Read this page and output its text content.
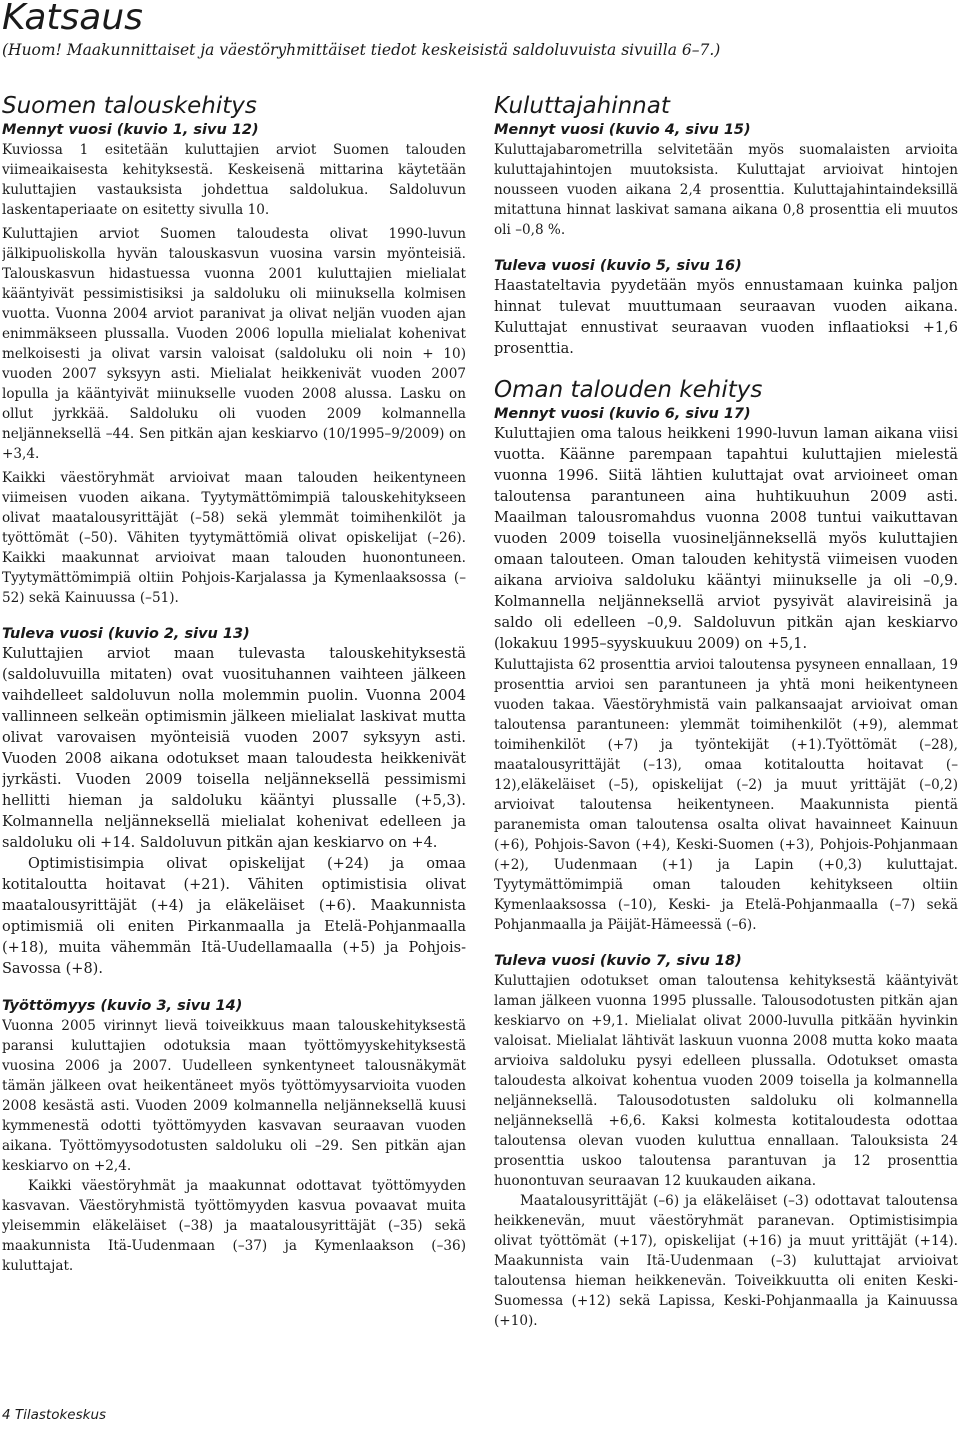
Katsaus

(Huom! Maakunnittaiset ja väestöryhmittäiset tiedot keskeisistä saldoluvuista sivuilla 6–7.)

Suomen talouskehitys
Mennyt vuosi (kuvio 1, sivu 12)

Kuviossa 1 esitetään kuluttajien arviot Suomen talouden viimeaikaisesta kehityksestä. Keskeisenä mittarina käytetään kuluttajien vastauksista johdettua saldolukua. Saldoluvun laskentaperiaate on esitetty sivulla 10.

Kuluttajien arviot Suomen taloudesta olivat 1990-luvun jälkipuoliskolla hyvän talouskasvun vuosina varsin myönteisiä. Talouskasvun hidastuessa vuonna 2001 kuluttajien mielialat kääntyivät pessimistisiksi ja saldoluku oli miinuksella kolmisen vuotta. Vuonna 2004 arviot paranivat ja olivat neljän vuoden ajan enimmäkseen plussalla. Vuoden 2006 lopulla mielialat kohenivat melkoisesti ja olivat varsin valoisat (saldoluku oli noin + 10) vuoden 2007 syksyyn asti. Mielialat heikkenivät vuoden 2007 lopulla ja kääntyivät miinukselle vuoden 2008 alussa. Lasku on ollut jyrkkää. Saldoluku oli vuoden 2009 kolmannella neljänneksellä –44. Sen pitkän ajan keskiarvo (10/1995–9/2009) on +3,4.

Kaikki väestöryhmät arvioivat maan talouden heikentyneen viimeisen vuoden aikana. Tyytymättömimpiä talouskehitykseen olivat maatalousyrittäjät (–58) sekä ylemmät toimihenkilöt ja työttömät (–50). Vähiten tyytymättömiä olivat opiskelijat (–26). Kaikki maakunnat arvioivat maan talouden huonontuneen. Tyytymättömimpiä oltiin Pohjois-Karjalassa ja Kymenlaaksossa (–52) sekä Kainuussa (–51).

Tuleva vuosi (kuvio 2, sivu 13)

Kuluttajien arviot maan tulevasta talouskehityksestä (saldoluvuilla mitaten) ovat vuosituhannen vaihteen jälkeen vaihdelleet saldoluvun nolla molemmin puolin. Vuonna 2004 vallinneen selkeän optimismin jälkeen mielialat laskivat mutta olivat varovaisen myönteisiä vuoden 2007 syksyyn asti. Vuoden 2008 aikana odotukset maan taloudesta heikkenivät jyrkästi. Vuoden 2009 toisella neljänneksellä pessimismi hellitti hieman ja saldoluku kääntyi plussalle (+5,3). Kolmannella neljänneksellä mielialat kohenivat edelleen ja saldoluku oli +14. Saldoluvun pitkän ajan keskiarvo on +4.

Optimistisimpia olivat opiskelijat (+24) ja omaa kotitaloutta hoitavat (+21). Vähiten optimistisia olivat maatalousyrittäjät (+4) ja eläkeläiset (+6). Maakunnista optimismiä oli eniten Pirkanmaalla ja Etelä-Pohjanmaalla (+18), muita vähemmän Itä-Uudellamaalla (+5) ja Pohjois-Savossa (+8).

Työttömyys (kuvio 3, sivu 14)

Vuonna 2005 virinnyt lievä toiveikkuus maan talouskehityksestä paransi kuluttajien odotuksia maan työttömyyskehityksestä vuosina 2006 ja 2007. Uudelleen synkentyneet talousnäkymät tämän jälkeen ovat heikentäneet myös työttömyysarvioita vuoden 2008 kesästä asti. Vuoden 2009 kolmannella neljänneksellä kuusi kymmenestä odotti työttömyyden kasvavan seuraavan vuoden aikana. Työttömyysodotusten saldoluku oli –29. Sen pitkän ajan keskiarvo on +2,4.

Kaikki väestöryhmät ja maakunnat odottavat työttömyyden kasvavan. Väestöryhmistä työttömyyden kasvua povaavat muita yleisemmin eläkeläiset (–38) ja maatalousyrittäjät (–35) sekä maakunnista Itä-Uudenmaan (–37) ja Kymenlaakson (–36) kuluttajat.

Kuluttajahinnat
Mennyt vuosi (kuvio 4, sivu 15)

Kuluttajabarometrilla selvitetään myös suomalaisten arvioita kuluttajahintojen muutoksista. Kuluttajat arvioivat hintojen nousseen vuoden aikana 2,4 prosenttia. Kuluttajahintaindeksillä mitattuna hinnat laskivat samana aikana 0,8 prosenttia eli muutos oli –0,8 %.

Tuleva vuosi (kuvio 5, sivu 16)

Haastateltavia pyydetään myös ennustamaan kuinka paljon hinnat tulevat muuttumaan seuraavan vuoden aikana. Kuluttajat ennustivat seuraavan vuoden inflaatioksi +1,6 prosenttia.

Oman talouden kehitys
Mennyt vuosi (kuvio 6, sivu 17)

Kuluttajien oma talous heikkeni 1990-luvun laman aikana viisi vuotta. Käänne parempaan tapahtui kuluttajien mielestä vuonna 1996. Siitä lähtien kuluttajat ovat arvioineet oman taloutensa parantuneen aina huhtikuuhun 2009 asti. Maailman talousromahdus vuonna 2008 tuntui vaikuttavan vuoden 2009 toisella vuosineljänneksellä myös kuluttajien omaan talouteen. Oman talouden kehitystä viimeisen vuoden aikana arvioiva saldoluku kääntyi miinukselle ja oli –0,9. Kolmannella neljänneksellä arviot pysyivät alavireisinä ja saldo oli edelleen –0,9. Saldoluvun pitkän ajan keskiarvo (lokakuu 1995–syyskuukuu 2009) on +5,1.

Kuluttajista 62 prosenttia arvioi taloutensa pysyneen ennallaan, 19 prosenttia arvioi sen parantuneen ja yhtä moni heikentyneen vuoden takaa. Väestöryhmistä vain palkansaajat arvioivat oman taloutensa parantuneen: ylemmät toimihenkilöt (+9), alemmat toimihenkilöt (+7) ja työntekijät (+1).Työttömät (–28), maatalousyrittäjät (–13), omaa kotitaloutta hoitavat (–12),eläkeläiset (–5), opiskelijat (–2) ja muut yrittäjät (–0,2) arvioivat taloutensa heikentyneen. Maakunnista pientä paranemista oman taloutensa osalta olivat havainneet Kainuun (+6), Pohjois-Savon (+4), Keski-Suomen (+3), Pohjois-Pohjanmaan (+2), Uudenmaan (+1) ja Lapin (+0,3) kuluttajat. Tyytymättömimpiä oman talouden kehitykseen oltiin Kymenlaaksossa (–10), Keski- ja Etelä-Pohjanmaalla (–7) sekä Pohjanmaalla ja Päijät-Hämeessä (–6).

Tuleva vuosi (kuvio 7, sivu 18)

Kuluttajien odotukset oman taloutensa kehityksestä kääntyivät laman jälkeen vuonna 1995 plussalle. Talousodotusten pitkän ajan keskiarvo on +9,1. Mielialat olivat 2000-luvulla pitkään hyvinkin valoisat. Mielialat lähtivät laskuun vuonna 2008 mutta koko maata arvioiva saldoluku pysyi edelleen plussalla. Odotukset omasta taloudesta alkoivat kohentua vuoden 2009 toisella ja kolmannella neljänneksellä. Talousodotusten saldoluku oli kolmannella neljänneksellä +6,6. Kaksi kolmesta kotitaloudesta odottaa taloutensa olevan vuoden kuluttua ennallaan. Talouksista 24 prosenttia uskoo taloutensa parantuvan ja 12 prosenttia huonontuvan seuraavan 12 kuukauden aikana.

Maatalousyrittäjät (–6) ja eläkeläiset (–3) odottavat taloutensa heikkenevän, muut väestöryhmät paranevan. Optimistisimpia olivat työttömät (+17), opiskelijat (+16) ja muut yrittäjät (+14). Maakunnista vain Itä-Uudenmaan (–3) kuluttajat arvioivat taloutensa hieman heikkenevän. Toiveikkuutta oli eniten Keski-Suomessa (+12) sekä Lapissa, Keski-Pohjanmaalla ja Kainuussa (+10).

4 Tilastokeskus
